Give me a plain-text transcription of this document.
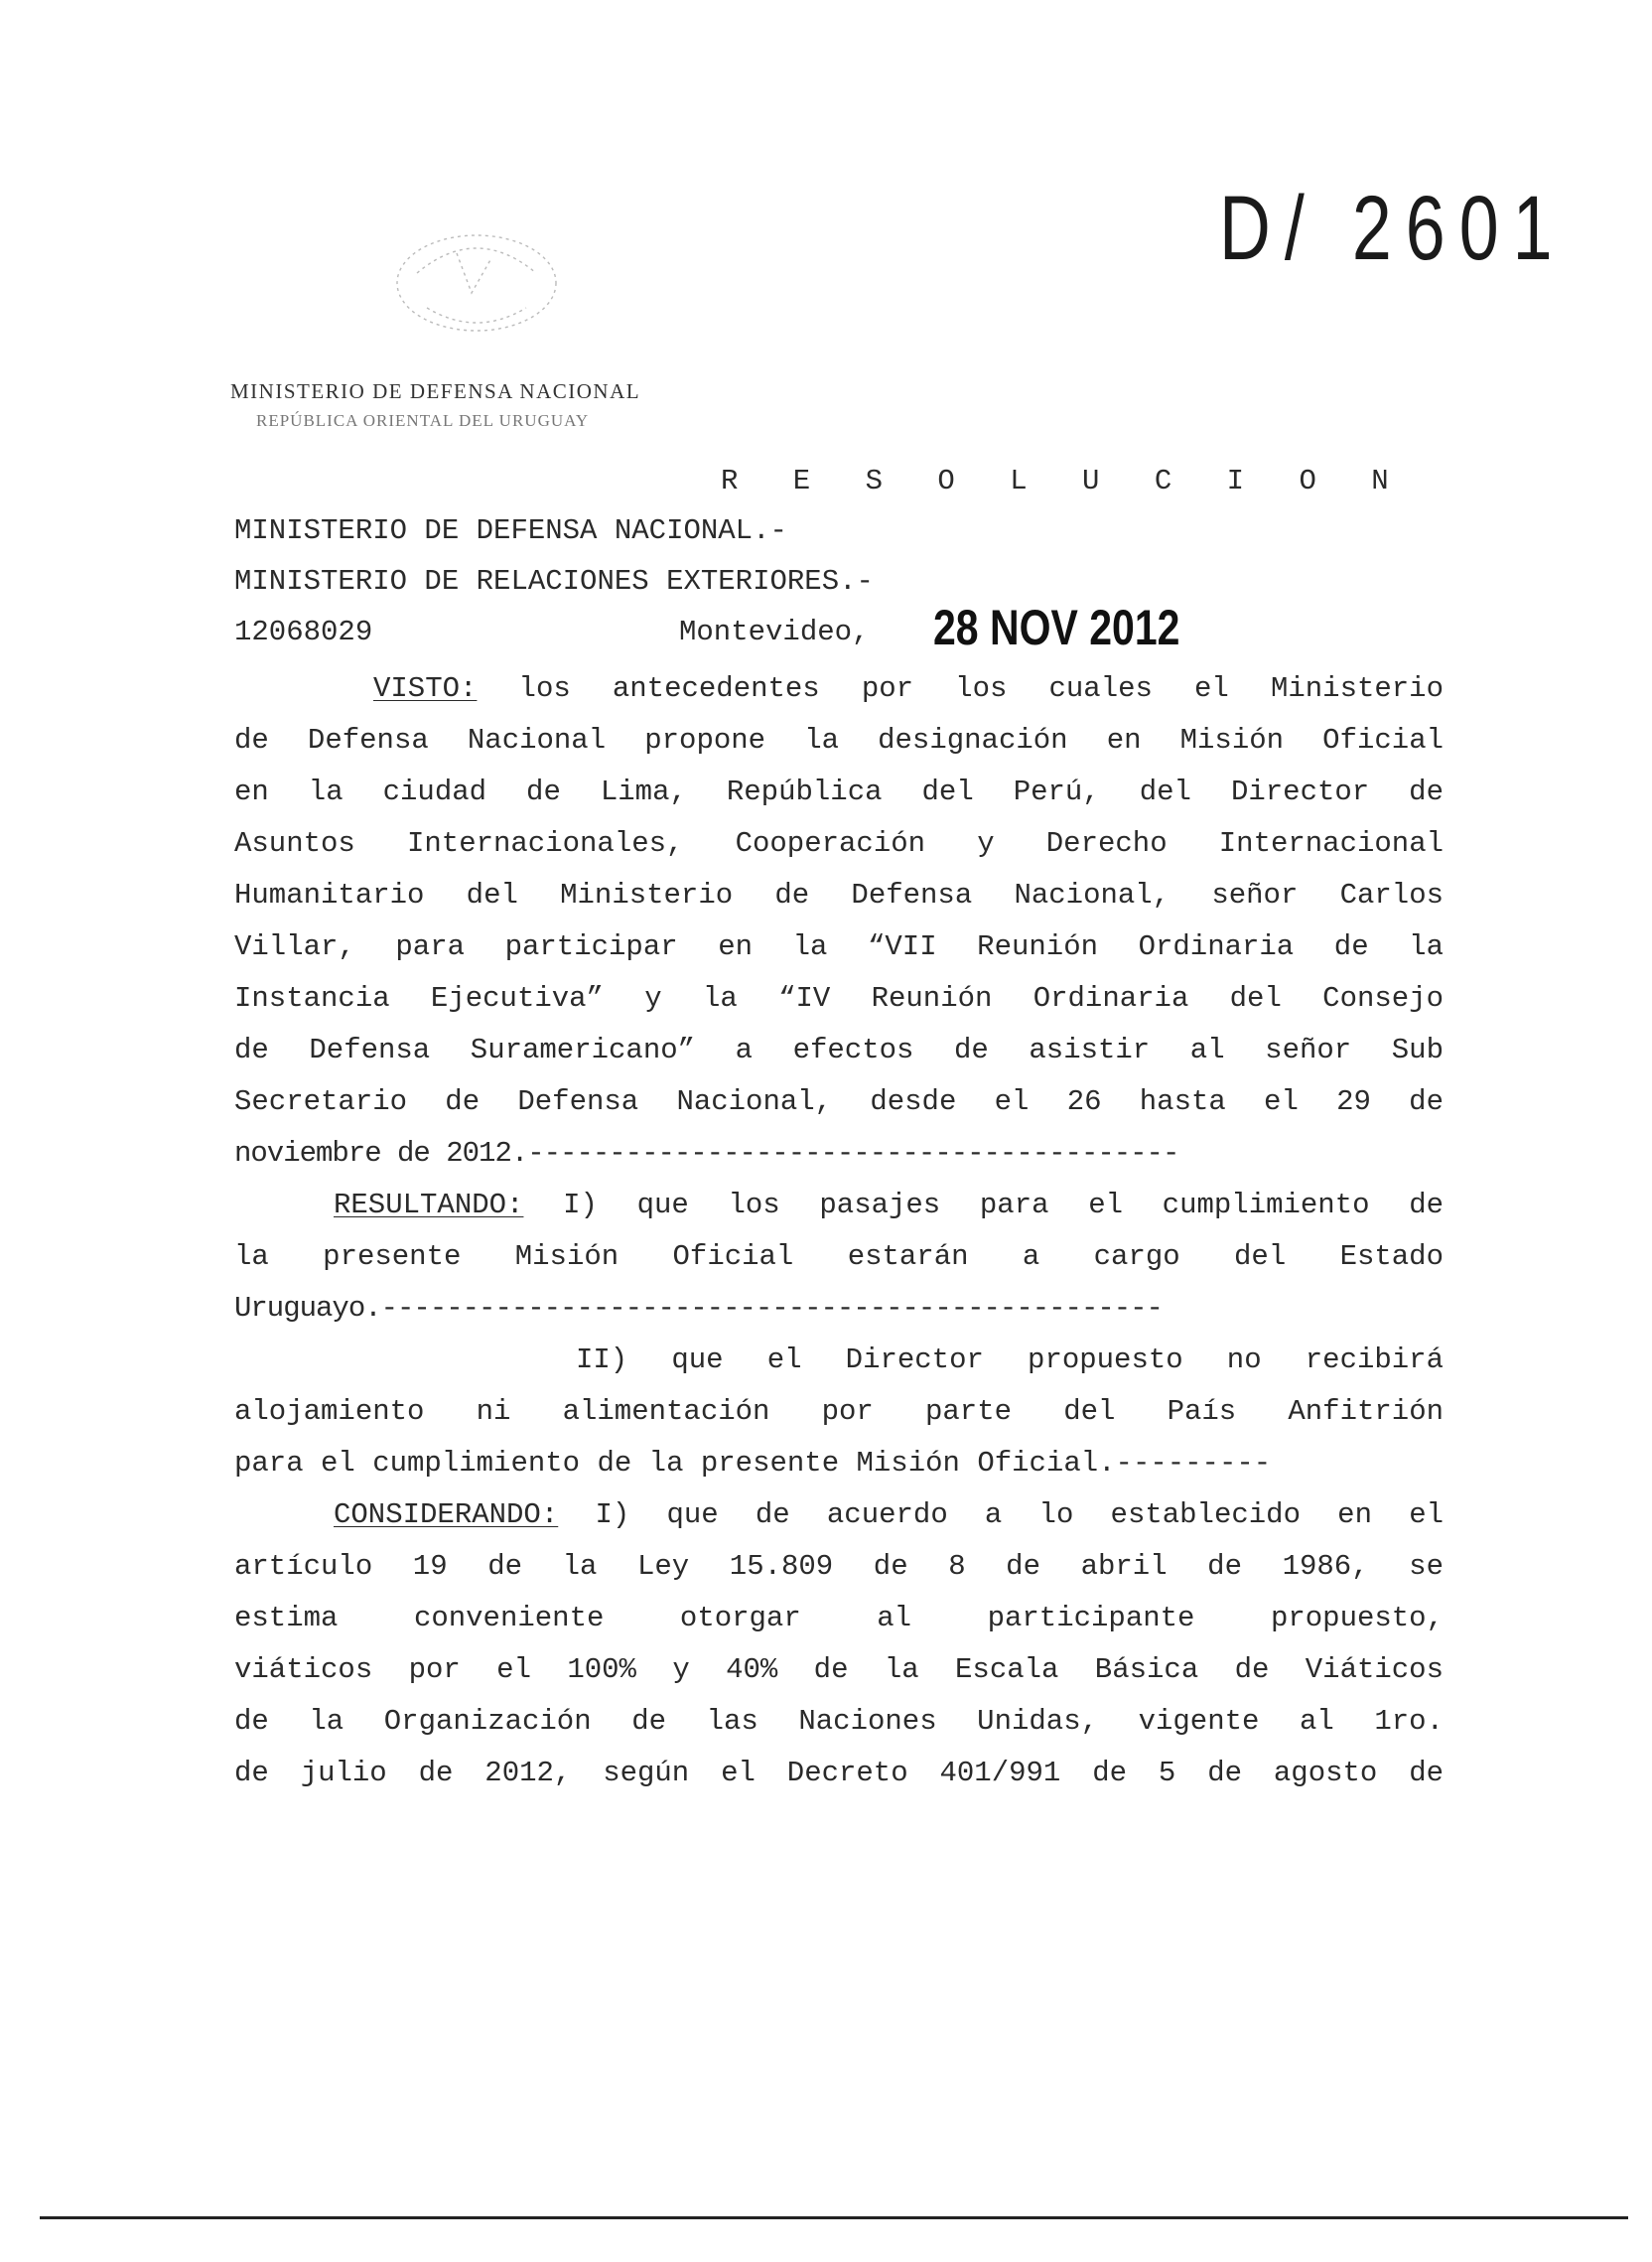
D/ 2601
MINISTERIO DE DEFENSA NACIONAL
REPÚBLICA ORIENTAL DEL URUGUAY
R E S O L U C I O N
MINISTERIO DE DEFENSA NACIONAL.-
MINISTERIO DE RELACIONES EXTERIORES.-
12068029	Montevideo, 28 NOV 2012
VISTO: los antecedentes por los cuales el Ministerio
de Defensa Nacional propone la designación en Misión Oficial
en la ciudad de Lima, República del Perú, del Director de
Asuntos Internacionales, Cooperación y Derecho Internacional
Humanitario del Ministerio de Defensa Nacional, señor Carlos
Villar, para participar en la “VII Reunión Ordinaria de la
Instancia Ejecutiva” y la “IV Reunión Ordinaria del Consejo
de Defensa Suramericano” a efectos de asistir al señor Sub
Secretario de Defensa Nacional, desde el 26 hasta el 29 de
noviembre de 2012.----------------------------------------
RESULTANDO: I) que los pasajes para el cumplimiento de
la presente Misión Oficial estarán a cargo del Estado
Uruguayo.------------------------------------------------
II) que el Director propuesto no recibirá
alojamiento ni alimentación por parte del País Anfitrión
para el cumplimiento de la presente Misión Oficial.---------
CONSIDERANDO: I) que de acuerdo a lo establecido en el
artículo 19 de la Ley 15.809 de 8 de abril de 1986, se
estima conveniente otorgar al participante propuesto,
viáticos por el 100% y 40% de la Escala Básica de Viáticos
de la Organización de las Naciones Unidas, vigente al 1ro.
de julio de 2012, según el Decreto 401/991 de 5 de agosto de
